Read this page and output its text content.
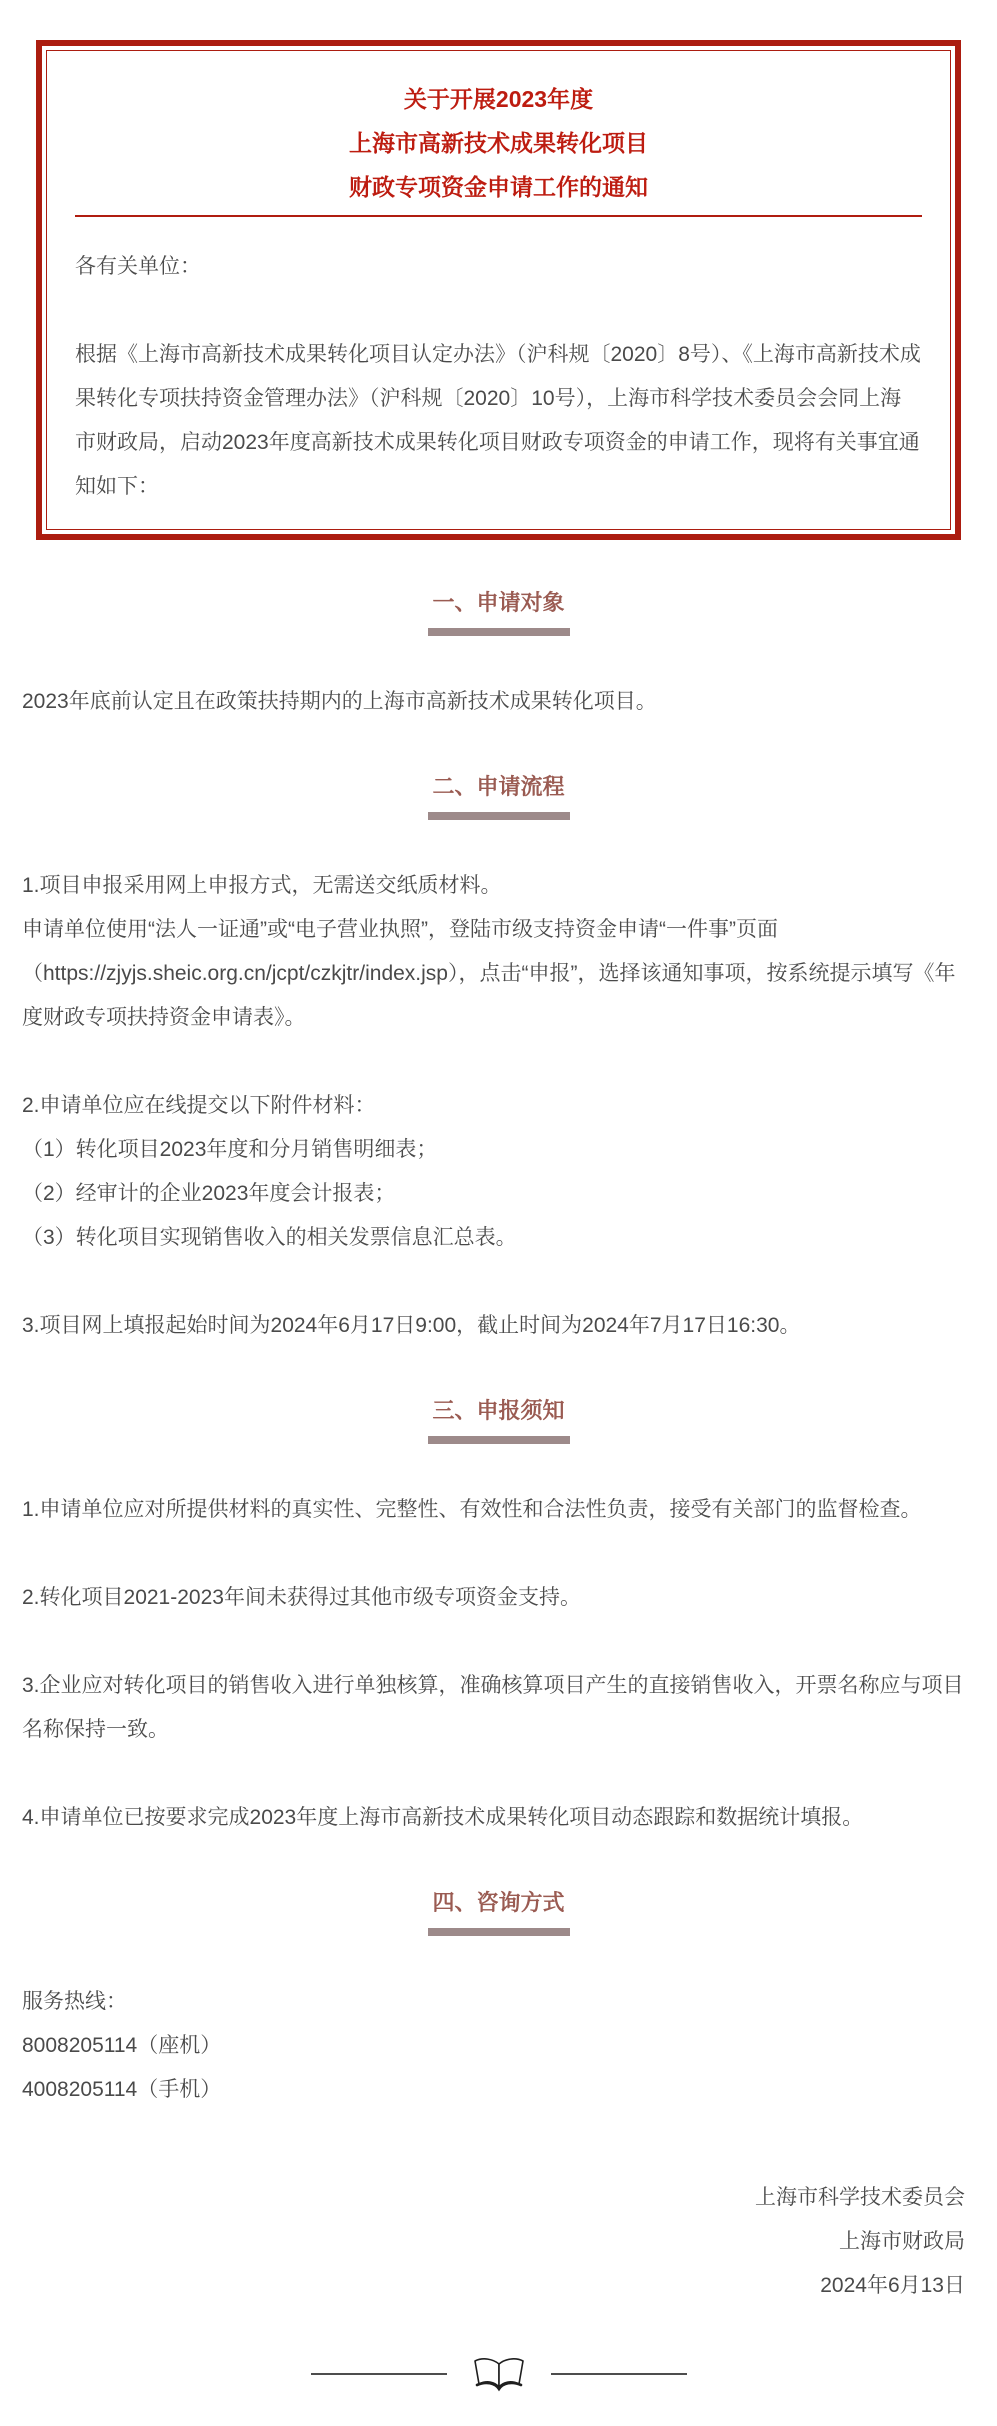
关于开展2023年度
上海市高新技术成果转化项目
财政专项资金申请工作的通知

各有关单位：

根据《上海市高新技术成果转化项目认定办法》（沪科规〔2020〕8号）、《上海市高新技术成果转化专项扶持资金管理办法》（沪科规〔2020〕10号），上海市科学技术委员会会同上海市财政局，启动2023年度高新技术成果转化项目财政专项资金的申请工作，现将有关事宜通知如下：

一、申请对象

2023年底前认定且在政策扶持期内的上海市高新技术成果转化项目。

二、申请流程

1.项目申报采用网上申报方式，无需送交纸质材料。

申请单位使用“法人一证通”或“电子营业执照”，登陆市级支持资金申请“一件事”页面（https://zjyjs.sheic.org.cn/jcpt/czkjtr/index.jsp），点击“申报”，选择该通知事项，按系统提示填写《年度财政专项扶持资金申请表》。

2.申请单位应在线提交以下附件材料：

（1）转化项目2023年度和分月销售明细表；

（2）经审计的企业2023年度会计报表；

（3）转化项目实现销售收入的相关发票信息汇总表。

3.项目网上填报起始时间为2024年6月17日9:00，截止时间为2024年7月17日16:30。

三、申报须知

1.申请单位应对所提供材料的真实性、完整性、有效性和合法性负责，接受有关部门的监督检查。

2.转化项目2021-2023年间未获得过其他市级专项资金支持。

3.企业应对转化项目的销售收入进行单独核算，准确核算项目产生的直接销售收入，开票名称应与项目名称保持一致。

4.申请单位已按要求完成2023年度上海市高新技术成果转化项目动态跟踪和数据统计填报。

四、咨询方式

服务热线：

8008205114（座机）

4008205114（手机）

上海市科学技术委员会

上海市财政局

2024年6月13日
